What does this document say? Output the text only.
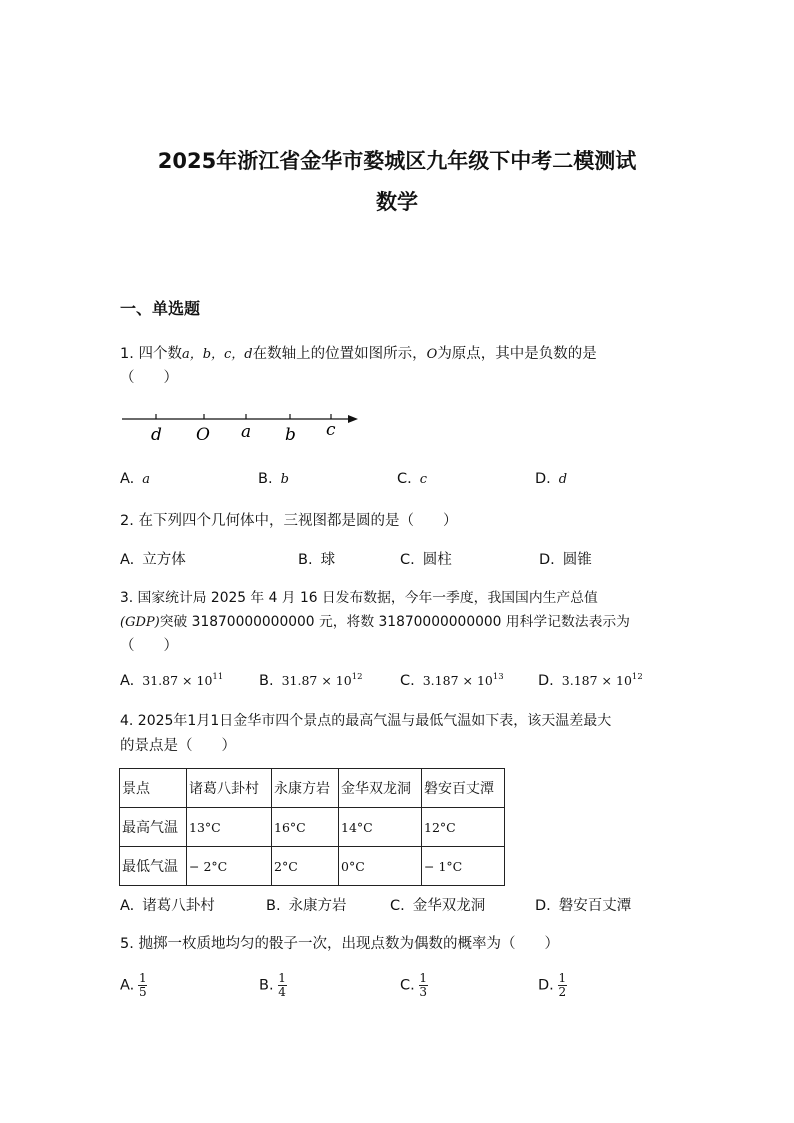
2025年浙江省金华市婺城区九年级下中考二模测试
数学
一、单选题
1. 四个数a，b，c，d在数轴上的位置如图所示，O为原点，其中是负数的是
（　　）
d O a b c
A. a	B. b	C. c	D. d
2. 在下列四个几何体中，三视图都是圆的是（　　）
A. 立方体	B. 球	C. 圆柱	D. 圆锥
3. 国家统计局 2025 年 4 月 16 日发布数据，今年一季度，我国国内生产总值
(GDP)突破 31870000000000 元，将数 31870000000000 用科学记数法表示为
（　　）
A. $31.87 \times 10^{11}$ B. $31.87 \times 10^{12}$	C. $3.187 \times 10^{13}$ D. $3.187 \times 10^{12}$
4. 2025年1月1日金华市四个景点的最高气温与最低气温如下表，该天温差最大
的景点是（　　）
景点	诸葛八卦村	永康方岩	金华双龙洞	磐安百丈潭
最高气温	13°C	16°C	14°C	12°C
最低气温	− 2°C	2°C	0°C	− 1°C
A. 诸葛八卦村	B. 永康方岩	C. 金华双龙洞	D. 磐安百丈潭
5. 抛掷一枚质地均匀的骰子一次，出现点数为偶数的概率为（　　）
A. $\frac{1}{5}$	B. $\frac{1}{4}$	C. $\frac{1}{3}$	D. $\frac{1}{2}$
